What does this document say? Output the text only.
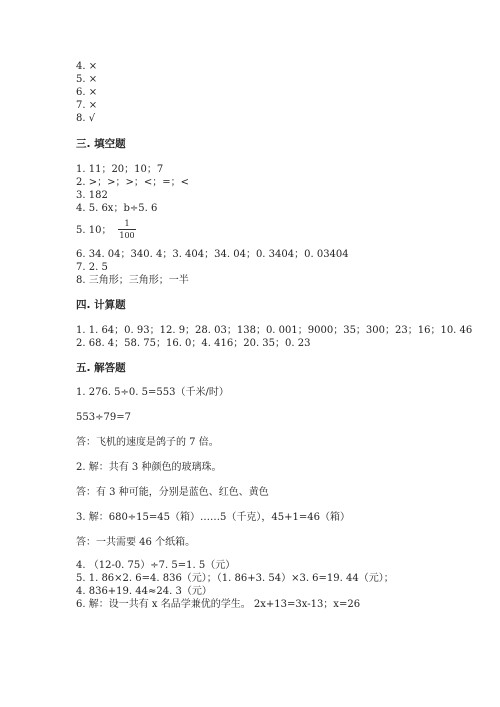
4. ×
5. ×
6. ×
7. ×
8. √
三. 填空题
1. 11；20；10；7
2. >；>；>；<；=；<
3. 182
4. 5. 6x；b÷5. 6
5. 10； $\frac{1}{100}$
6. 34. 04；340. 4；3. 404；34. 04；0. 3404；0. 03404
7. 2. 5
8. 三角形；三角形；一半
四. 计算题
1. 1. 64；0. 93；12. 9；28. 03；138；0. 001；9000；35；300；23；16；10. 46
2. 68. 4；58. 75；16. 0；4. 416；20. 35；0. 23
五. 解答题
1. 276. 5÷0. 5=553（千米/时）
553÷79=7
答：飞机的速度是鸽子的 7 倍。
2. 解：共有 3 种颜色的玻璃珠。
答：有 3 种可能，分别是蓝色、红色、黄色
3. 解：680÷15=45（箱）……5（千克），45+1=46（箱）
答：一共需要 46 个纸箱。
4. （12-0. 75）÷7. 5=1. 5（元）
5. 1. 86×2. 6=4. 836（元）；（1. 86+3. 54）×3. 6=19. 44（元）；
4. 836+19. 44≈24. 3（元）
6. 解：设一共有 x 名品学兼优的学生。 2x+13=3x-13；x=26
